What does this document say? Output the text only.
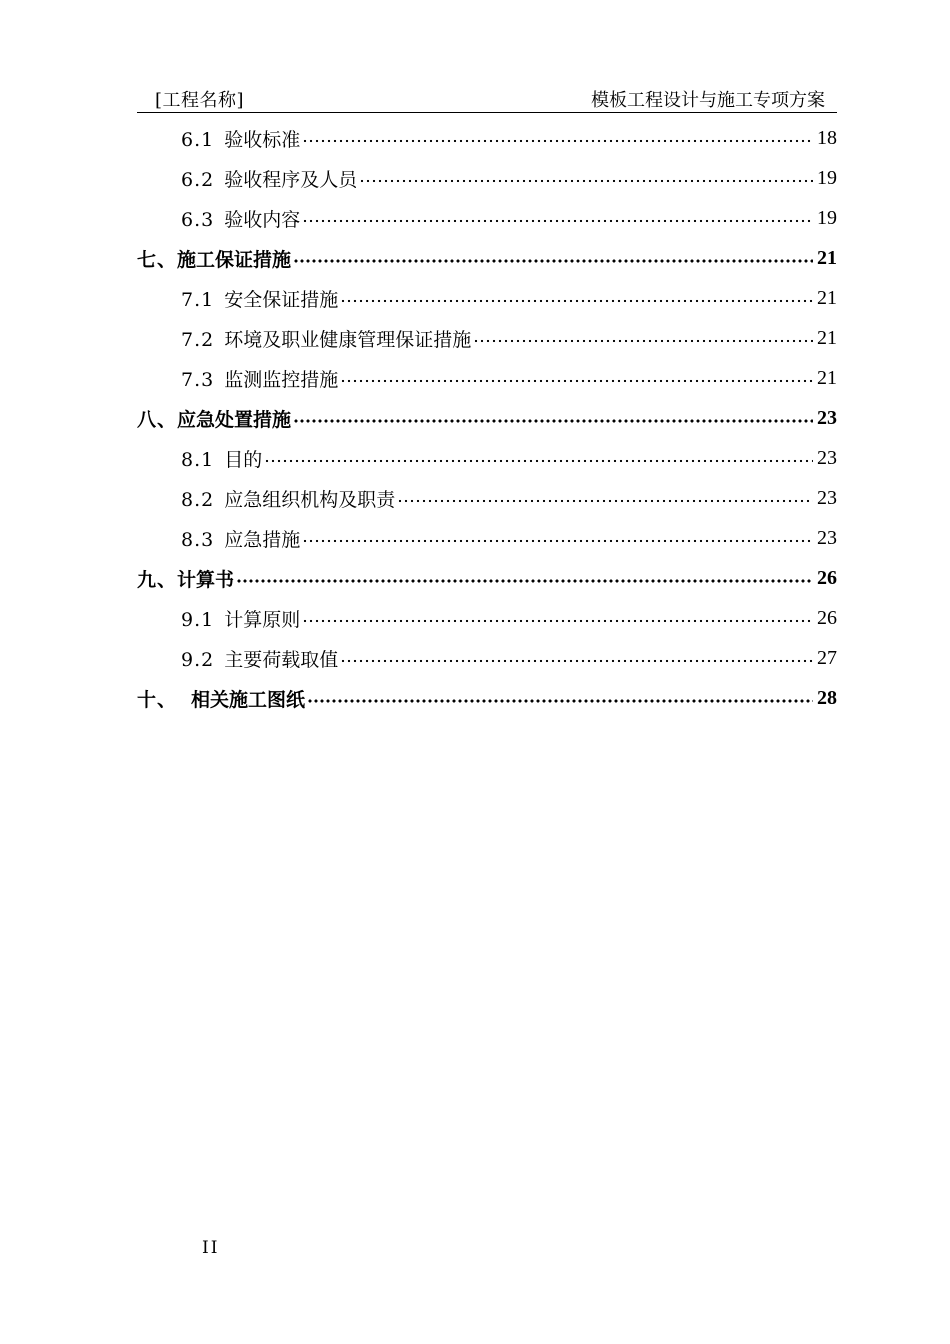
[工程名称]	模板工程设计与施工专项方案
6.1 验收标准	18
6.2 验收程序及人员	19
6.3 验收内容	19
七、施工保证措施	21
7.1 安全保证措施	21
7.2 环境及职业健康管理保证措施	21
7.3 监测监控措施	21
八、应急处置措施	23
8.1 目的	23
8.2 应急组织机构及职责	23
8.3 应急措施	23
九、计算书	26
9.1 计算原则	26
9.2 主要荷载取值	27
十、 相关施工图纸	28
II
